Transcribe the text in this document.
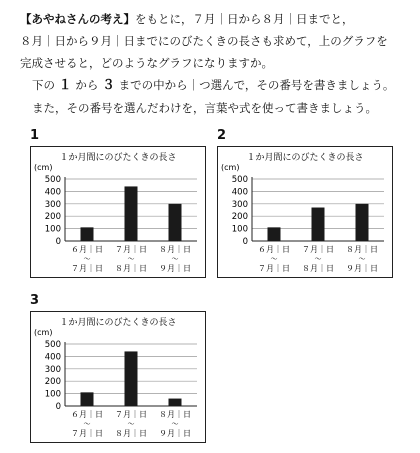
【あやねさんの考え】をもとに，７月｜日から８月｜日までと，

８月｜日から９月｜日までにのびたくきの長さも求めて，上のグラフを

完成させると，どのようなグラフになりますか。

下の １ から ３ までの中から｜つ選んで，その番号を書きましょう。

また，その番号を選んだわけを，言葉や式を使って書きましょう。

1
１か月間にのびたくきの長さ
(cm)
0
100
200
300
400
500
６月｜日
〜
７月｜日
７月｜日
〜
８月｜日
８月｜日
〜
９月｜日
2
１か月間にのびたくきの長さ
(cm)
0
100
200
300
400
500
６月｜日
〜
７月｜日
７月｜日
〜
８月｜日
８月｜日
〜
９月｜日
3
１か月間にのびたくきの長さ
(cm)
0
100
200
300
400
500
６月｜日
〜
７月｜日
７月｜日
〜
８月｜日
８月｜日
〜
９月｜日
